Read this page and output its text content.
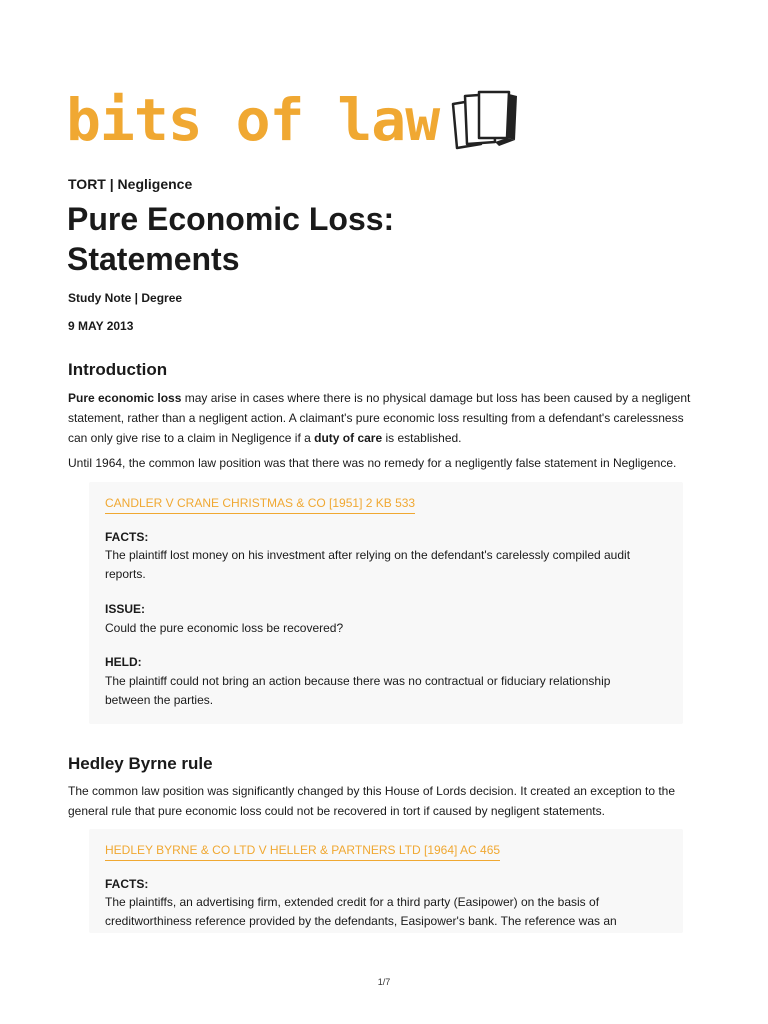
bits of law
TORT | Negligence
Pure Economic Loss:
Statements
Study Note | Degree
9 MAY 2013
Introduction
Pure economic loss may arise in cases where there is no physical damage but loss has been caused by a negligent statement, rather than a negligent action. A claimant's pure economic loss resulting from a defendant's carelessness can only give rise to a claim in Negligence if a duty of care is established.
Until 1964, the common law position was that there was no remedy for a negligently false statement in Negligence.
CANDLER V CRANE CHRISTMAS & CO [1951] 2 KB 533
FACTS:
The plaintiff lost money on his investment after relying on the defendant's carelessly compiled audit reports.
ISSUE:
Could the pure economic loss be recovered?
HELD:
The plaintiff could not bring an action because there was no contractual or fiduciary relationship between the parties.
Hedley Byrne rule
The common law position was significantly changed by this House of Lords decision. It created an exception to the general rule that pure economic loss could not be recovered in tort if caused by negligent statements.
HEDLEY BYRNE & CO LTD V HELLER & PARTNERS LTD [1964] AC 465
FACTS:
The plaintiffs, an advertising firm, extended credit for a third party (Easipower) on the basis of creditworthiness reference provided by the defendants, Easipower's bank. The reference was an
1/7
